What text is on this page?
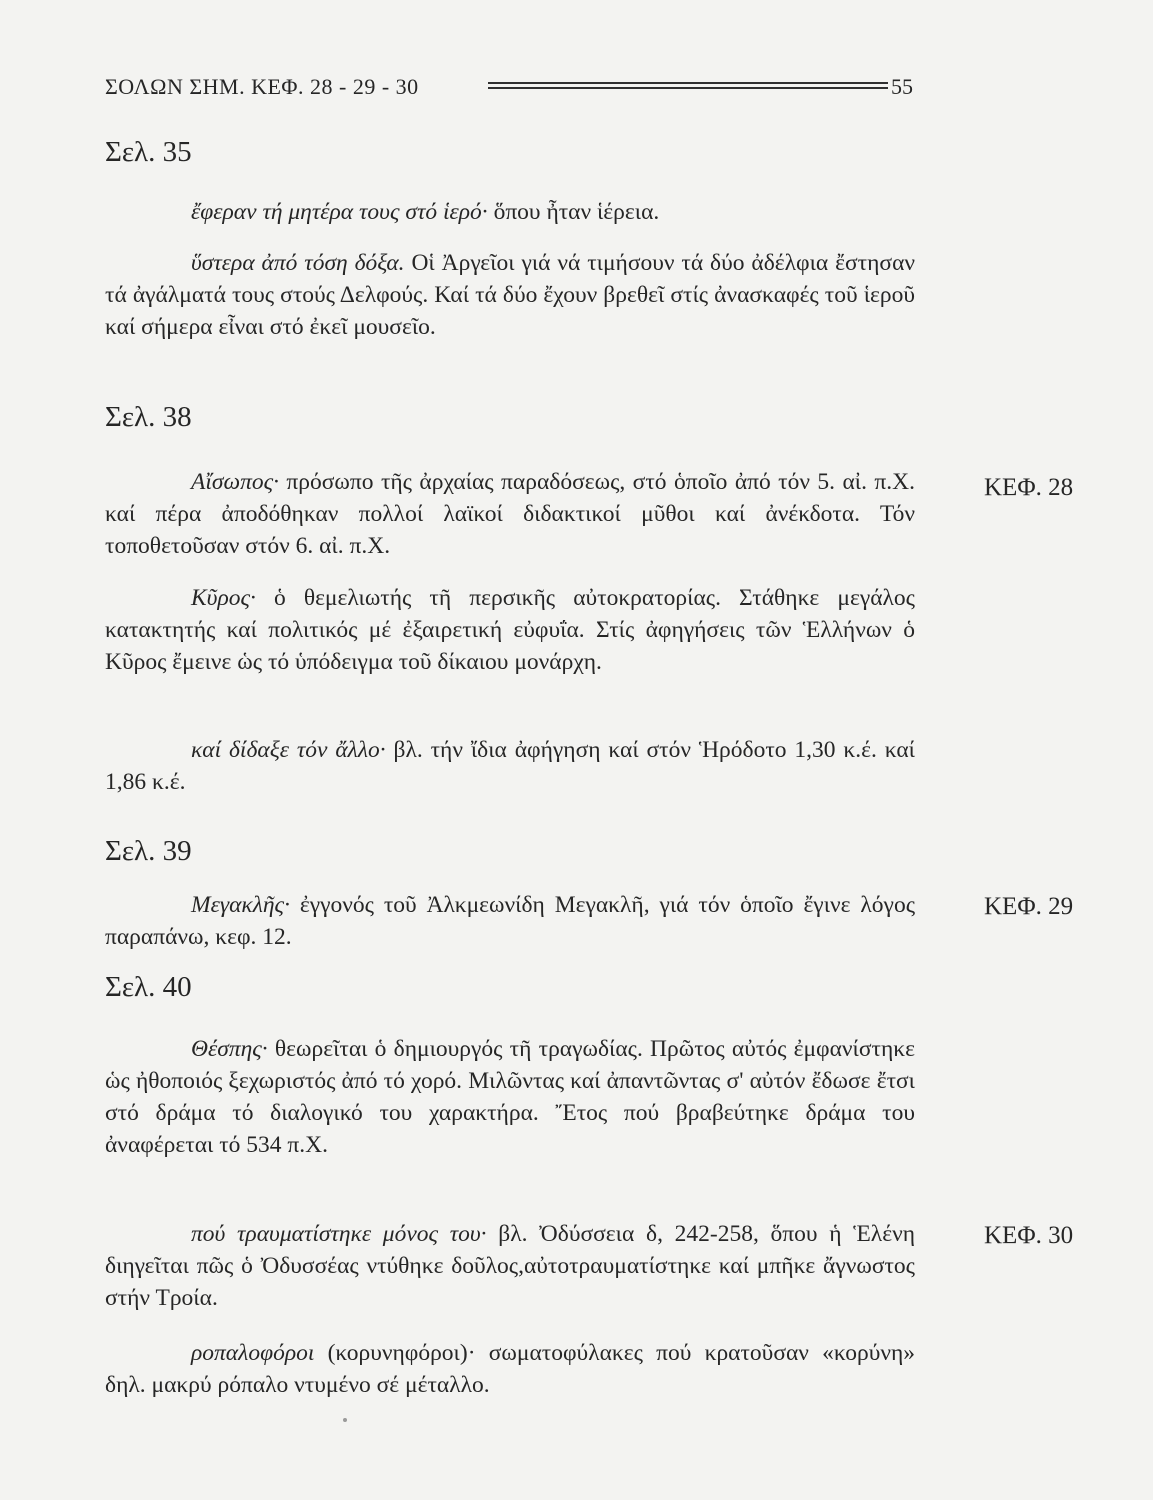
ΣΟΛΩΝ ΣΗΜ. ΚΕΦ. 28 - 29 - 30	55
Σελ. 35

ἔφεραν τή μητέρα τους στό ἱερό· ὅπου ἦταν ἱέρεια.

ὕστερα ἀπό τόση δόξα. Οἱ Ἀργεῖοι γιά νά τιμήσουν τά δύο ἀδέλφια ἔστησαν τά ἀγάλματά τους στούς Δελφούς. Καί τά δύο ἔχουν βρεθεῖ στίς ἀνασκαφές τοῦ ἱεροῦ καί σήμερα εἶναι στό ἐκεῖ μουσεῖο.

Σελ. 38

Αἴσωπος· πρόσωπο τῆς ἀρχαίας παραδόσεως, στό ὁποῖο ἀπό τόν 5. αἰ. π.Χ. καί πέρα ἀποδόθηκαν πολλοί λαϊκοί διδακτικοί μῦθοι καί ἀνέκδοτα. Τόν τοποθετοῦσαν στόν 6. αἰ. π.Χ.

Κῦρος· ὁ θεμελιωτής τῆ περσικῆς αὐτοκρατορίας. Στάθηκε μεγάλος κατακτητής καί πολιτικός μέ ἐξαιρετική εὐφυΐα. Στίς ἀφηγήσεις τῶν Ἑλλήνων ὁ Κῦρος ἔμεινε ὡς τό ὑπόδειγμα τοῦ δίκαιου μονάρχη.

καί δίδαξε τόν ἄλλο· βλ. τήν ἴδια ἀφήγηση καί στόν Ἡρόδοτο 1,30 κ.έ. καί 1,86 κ.έ.

Σελ. 39

Μεγακλῆς· ἐγγονός τοῦ Ἀλκμεωνίδη Μεγακλῆ, γιά τόν ὁποῖο ἔγινε λόγος παραπάνω, κεφ. 12.

Σελ. 40

Θέσπης· θεωρεῖται ὁ δημιουργός τῆ τραγωδίας. Πρῶτος αὐτός ἐμφανίστηκε ὡς ἠθοποιός ξεχωριστός ἀπό τό χορό. Μιλῶντας καί ἀπαντῶντας σ' αὐτόν ἔδωσε ἔτσι στό δράμα τό διαλογικό του χαρακτήρα. Ἔτος πού βραβεύτηκε δράμα του ἀναφέρεται τό 534 π.Χ.

πού τραυματίστηκε μόνος του· βλ. Ὀδύσσεια δ, 242-258, ὅπου ἡ Ἑλένη διηγεῖται πῶς ὁ Ὀδυσσέας ντύθηκε δοῦλος,αὐτοτραυματίστηκε καί μπῆκε ἄγνωστος στήν Τροία.

ροπαλοφόροι (κορυνηφόροι)· σωματοφύλακες πού κρατοῦσαν «κορύνη» δηλ. μακρύ ρόπαλο ντυμένο σέ μέταλλο.

ΚΕΦ. 28
ΚΕΦ. 29
ΚΕΦ. 30
